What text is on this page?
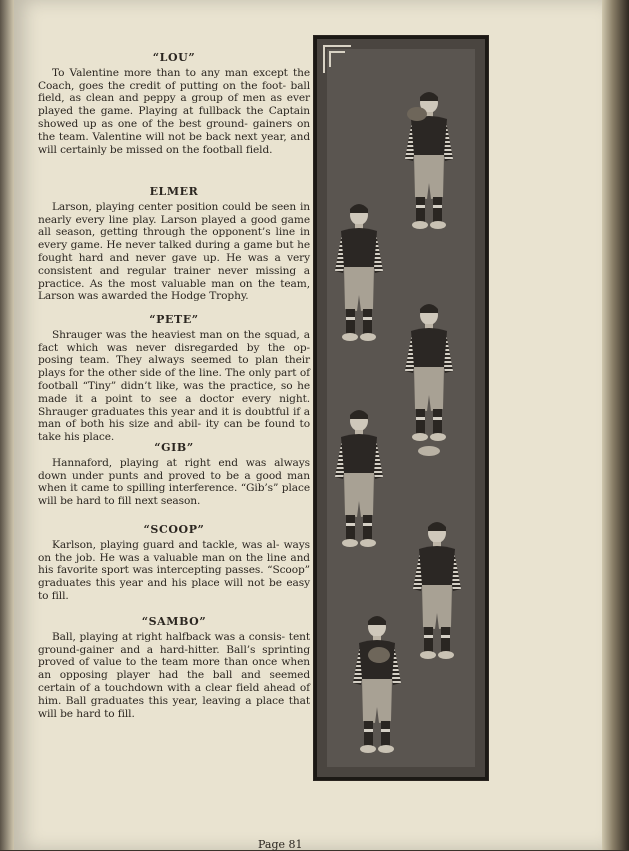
“LOU”

To Valentine more than to any man except the Coach, goes the credit of putting on the foot- ball field, as clean and peppy a group of men as ever played the game. Playing at fullback the Captain showed up as one of the best ground- gainers on the team. Valentine will not be back next year, and will certainly be missed on the football field.

ELMER

Larson, playing center position could be seen in nearly every line play. Larson played a good game all season, getting through the opponent’s line in every game. He never talked during a game but he fought hard and never gave up. He was a very consistent and regular trainer never missing a practice. As the most valuable man on the team, Larson was awarded the Hodge Trophy.

“PETE”

Shrauger was the heaviest man on the squad, a fact which was never disregarded by the op- posing team. They always seemed to plan their plays for the other side of the line. The only part of football “Tiny” didn’t like, was the practice, so he made it a point to see a doctor every night. Shrauger graduates this year and it is doubtful if a man of both his size and abil- ity can be found to take his place.

“GIB”

Hannaford, playing at right end was always down under punts and proved to be a good man when it came to spilling interference. “Gib’s” place will be hard to fill next season.

“SCOOP”

Karlson, playing guard and tackle, was al- ways on the job. He was a valuable man on the line and his favorite sport was intercepting passes. “Scoop” graduates this year and his place will not be easy to fill.

“SAMBO”

Ball, playing at right halfback was a consis- tent ground-gainer and a hard-hitter. Ball’s sprinting proved of value to the team more than once when an opposing player had the ball and seemed certain of a touchdown with a clear field ahead of him. Ball graduates this year, leaving a place that will be hard to fill.

Page 81
